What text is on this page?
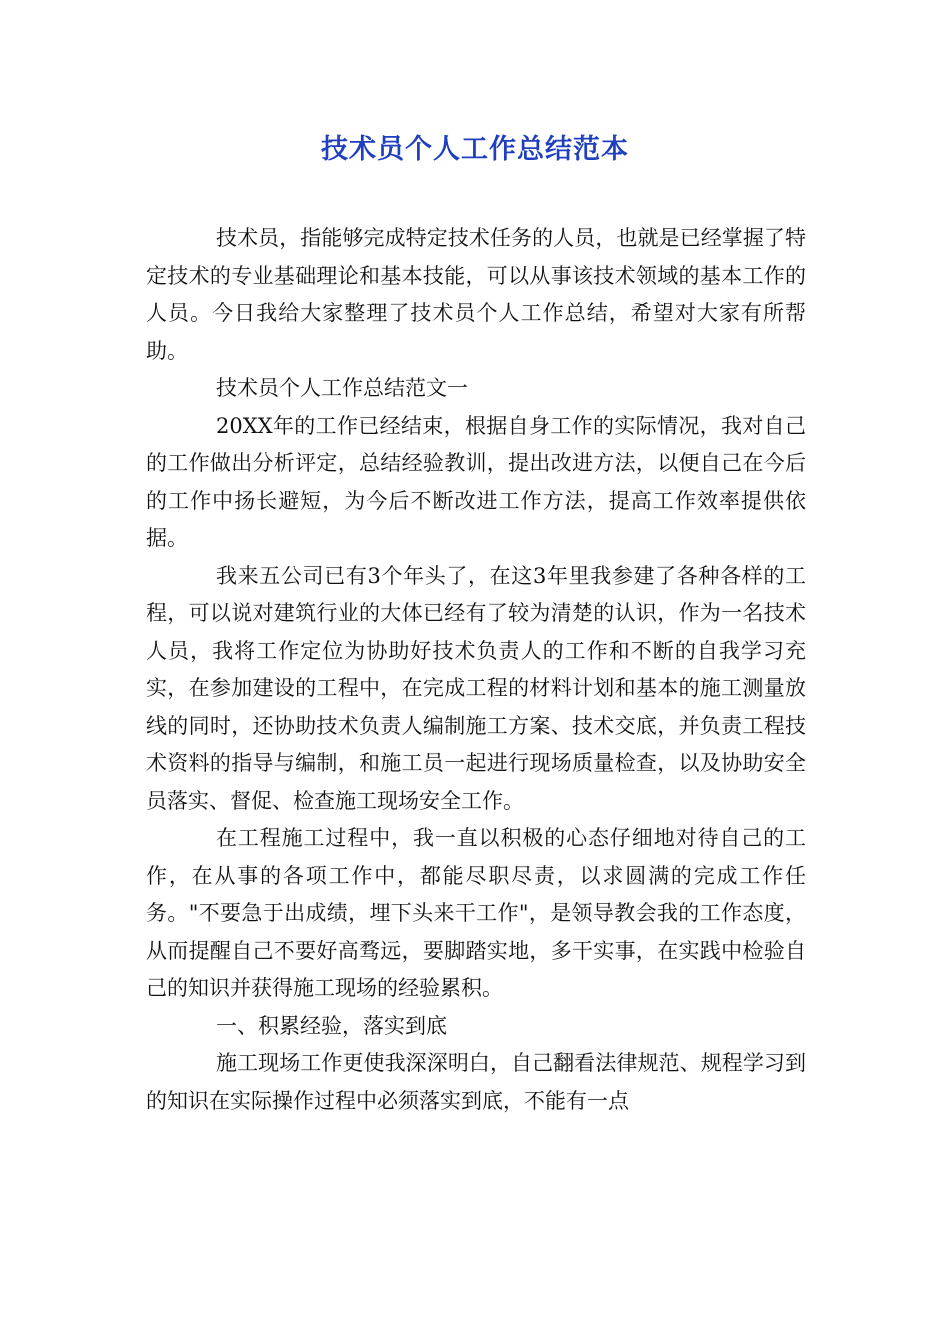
技术员个人工作总结范本

技术员，指能够完成特定技术任务的人员，也就是已经掌握了特定技术的专业基础理论和基本技能，可以从事该技术领域的基本工作的人员。今日我给大家整理了技术员个人工作总结，希望对大家有所帮助。

技术员个人工作总结范文一

20XX年的工作已经结束，根据自身工作的实际情况，我对自己的工作做出分析评定，总结经验教训，提出改进方法，以便自己在今后的工作中扬长避短，为今后不断改进工作方法，提高工作效率提供依据。

我来五公司已有3个年头了，在这3年里我参建了各种各样的工程，可以说对建筑行业的大体已经有了较为清楚的认识，作为一名技术人员，我将工作定位为协助好技术负责人的工作和不断的自我学习充实，在参加建设的工程中，在完成工程的材料计划和基本的施工测量放线的同时，还协助技术负责人编制施工方案、技术交底，并负责工程技术资料的指导与编制，和施工员一起进行现场质量检查，以及协助安全员落实、督促、检查施工现场安全工作。

在工程施工过程中，我一直以积极的心态仔细地对待自己的工作，在从事的各项工作中，都能尽职尽责，以求圆满的完成工作任务。"不要急于出成绩，埋下头来干工作"，是领导教会我的工作态度，从而提醒自己不要好高骛远，要脚踏实地，多干实事，在实践中检验自己的知识并获得施工现场的经验累积。

一、积累经验，落实到底

施工现场工作更使我深深明白，自己翻看法律规范、规程学习到的知识在实际操作过程中必须落实到底，不能有一点
